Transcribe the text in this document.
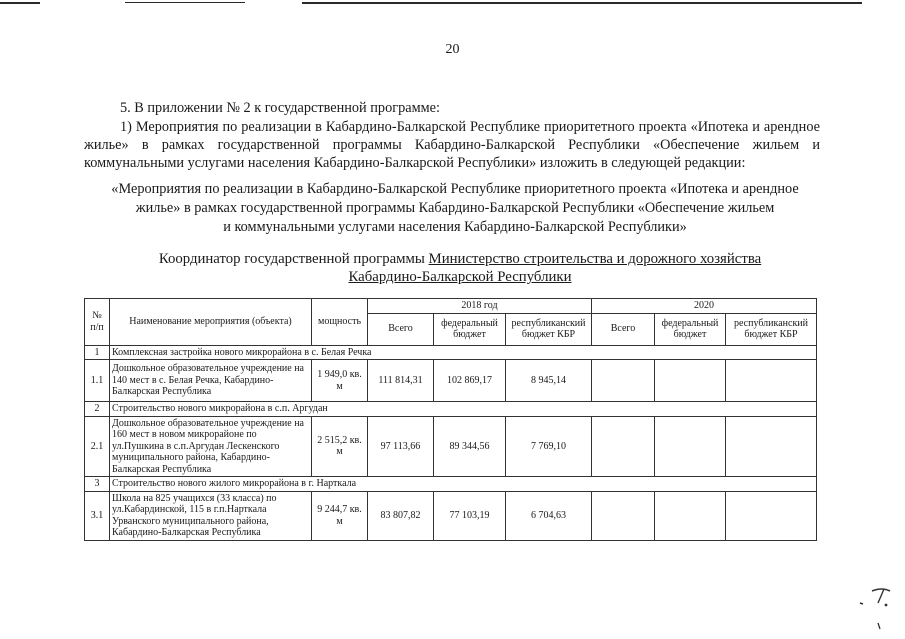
20
5. В приложении № 2 к государственной программе:
1) Мероприятия по реализации в Кабардино-Балкарской Республике приоритетного проекта «Ипотека и арендное жилье» в рамках государственной программы Кабардино-Балкарской Республики «Обеспечение жильем и коммунальными услугами населения Кабардино-Балкарской Республики» изложить в следующей редакции:
«Мероприятия по реализации в Кабардино-Балкарской Республике приоритетного проекта «Ипотека и арендное
жилье» в рамках государственной программы Кабардино-Балкарской Республики «Обеспечение жильем
и коммунальными услугами населения Кабардино-Балкарской Республики»
Координатор государственной программы Министерство строительства и дорожного хозяйства
Кабардино-Балкарской Республики
№ п/п	Наименование мероприятия (объекта)	мощность	2018 год			2020		
			Всего	федеральный бюджет	республиканский бюджет КБР	Всего	федеральный бюджет	республиканский бюджет КБР
1	Комплексная застройка нового микрорайона в с. Белая Речка							
1.1	Дошкольное образовательное учреждение на 140 мест в с. Белая Речка, Кабардино-Балкарская Республика	1 949,0 кв. м	111 814,31	102 869,17	8 945,14			
2	Строительство нового микрорайона в с.п. Аргудан							
2.1	Дошкольное образовательное учреждение на 160 мест в новом микрорайоне по ул.Пушкина в с.п.Аргудан Лескенского муниципального района, Кабардино-Балкарская Республика	2 515,2 кв. м	97 113,66	89 344,56	7 769,10			
3	Строительство нового жилого микрорайона в г. Нарткала							
3.1	Школа на 825 учащихся (33 класса) по ул.Кабардинской, 115 в г.п.Нарткала Урванского муниципального района, Кабардино-Балкарская Республика	9 244,7 кв. м	83 807,82	77 103,19	6 704,63			
